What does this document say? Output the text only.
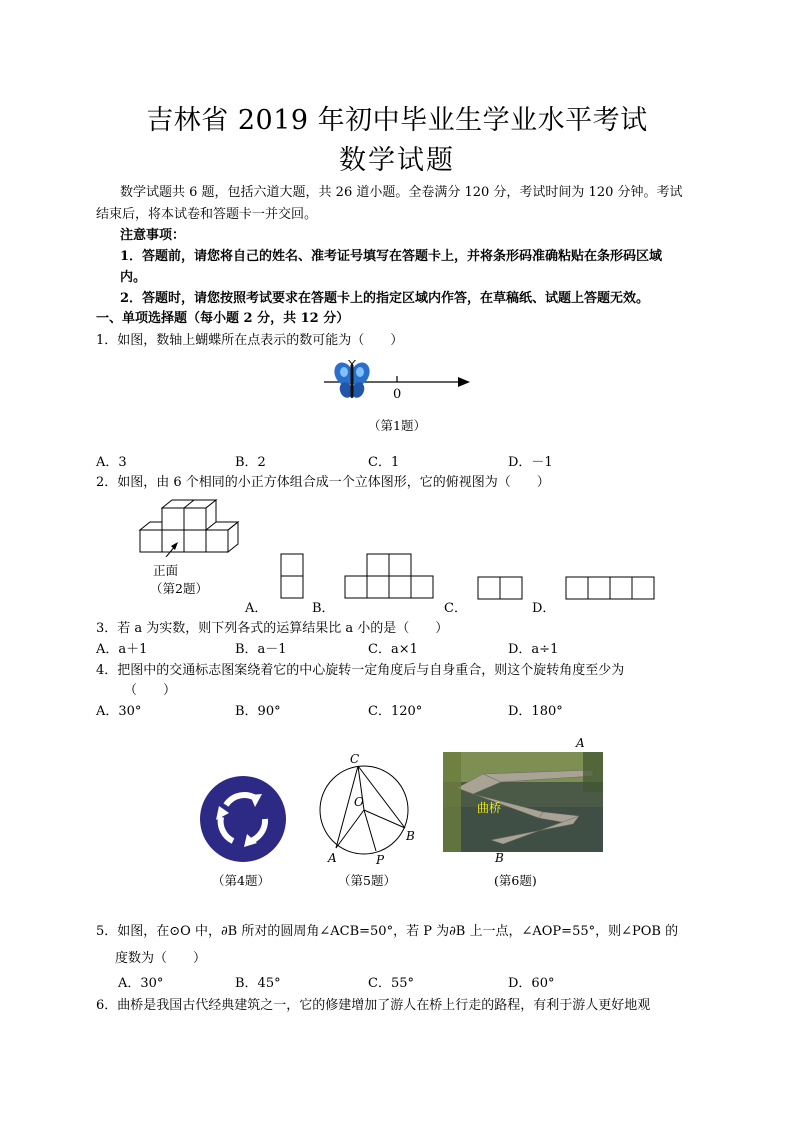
吉林省 2019 年初中毕业生学业水平考试
数学试题
数学试题共 6 题，包括六道大题，共 26 道小题。全卷满分 120 分，考试时间为 120 分钟。考试
结束后，将本试卷和答题卡一并交回。
注意事项：
1．答题前，请您将自己的姓名、准考证号填写在答题卡上，并将条形码准确粘贴在条形码区域
内。
2．答题时，请您按照考试要求在答题卡上的指定区域内作答，在草稿纸、试题上答题无效。
一、单项选择题（每小题 2 分，共 12 分）
1．如图，数轴上蝴蝶所在点表示的数可能为（　　）
0
（第1题）
A．3	B．2	C．1	D．－1
2．如图，由 6 个相同的小正方体组合成一个立体图形，它的俯视图为（　　）
正面
（第2题）
A．	B．	C．	D．
3．若 a 为实数，则下列各式的运算结果比 a 小的是（　　）
A．a＋1	B．a－1	C．a×1	D．a÷1
4．把图中的交通标志图案绕着它的中心旋转一定角度后与自身重合，则这个旋转角度至少为
（　　）
A．30°	B．90°	C．120°	D．180°
（第4题）
C
O
B
A	P
（第5题）
曲桥
A
B
(第6题)
5．如图，在⊙O 中，∂B 所对的圆周角∠ACB=50°，若 P 为∂B 上一点，∠AOP=55°，则∠POB 的
度数为（　　）
A．30°	B．45°	C．55°	D．60°
6．曲桥是我国古代经典建筑之一，它的修建增加了游人在桥上行走的路程，有利于游人更好地观
